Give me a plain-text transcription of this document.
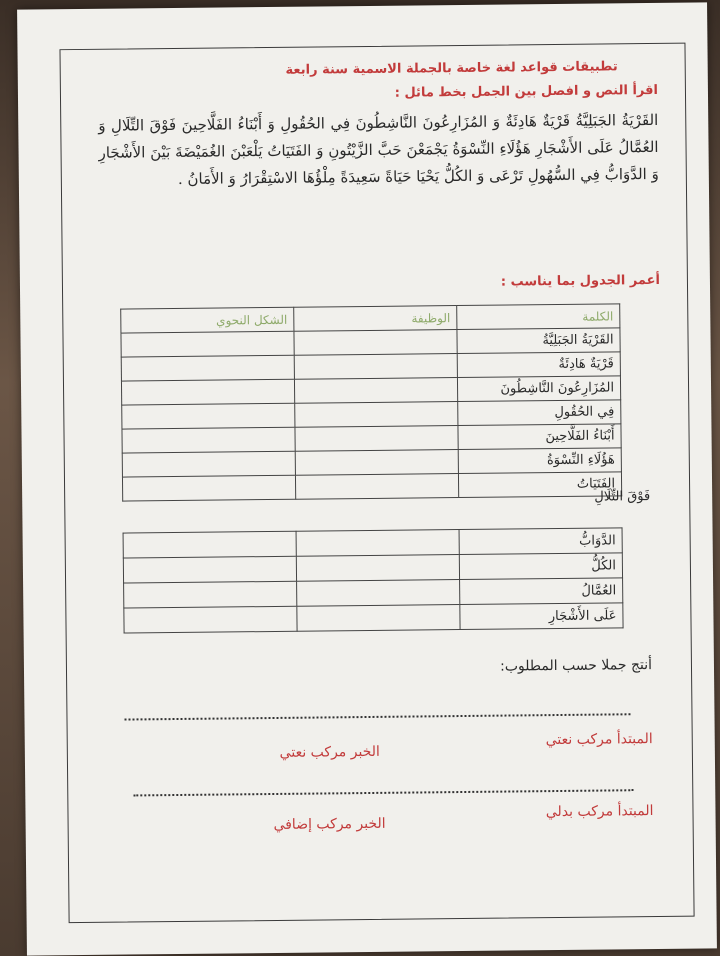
تطبيقات قواعد لغة خاصة بالجملة الاسمية سنة رابعة
اقرأ النص و افصل بين الجمل بخط مائل :
القَرْيَةُ الجَبَلِيَّةُ قَرْيَةٌ هَادِئَةٌ وَ المُزَارِعُونَ النَّاشِطُونَ فِي الحُقُولِ وَ أَبْنَاءُ الفَلَّاحِينَ فَوْقَ التِّلَالِ وَ العُمَّالُ عَلَى الأَشْجَارِ هَؤُلَاءِ النِّسْوَةُ يَجْمَعْنَ حَبَّ الزَّيْتُونِ وَ الفَتَيَاتُ يَلْعَبْنَ الغُمَيْضَةَ بَيْنَ الأَشْجَارِ وَ الدَّوَابُّ فِي السُّهُولِ تَرْعَى وَ الكُلُّ يَحْيَا حَيَاةً سَعِيدَةً مِلْؤُهَا الاسْتِقْرَارُ وَ الأَمَانُ .
أعمر الجدول بما يناسب :
الكلمة	الوظيفة	الشكل النحوي
القَرْيَةُ الجَبَلِيَّةُ		
قَرْيَةٌ هَادِئَةٌ		
المُزَارِعُونَ النَّاشِطُونَ		
فِي الحُقُولِ		
أَبْنَاءُ الفَلَّاحِينَ		
هَؤُلَاءِ النِّسْوَةُ		
الفَتَيَاتُ		
فَوْقَ التِّلَالِ
الدَّوَابُّ		
الكُلُّ		
العُمَّالُ		
عَلَى الأَشْجَارِ		
أنتج جملا حسب المطلوب:
المبتدأ مركب نعتي
الخبر مركب نعتي
المبتدأ مركب بدلي
الخبر مركب إضافي
